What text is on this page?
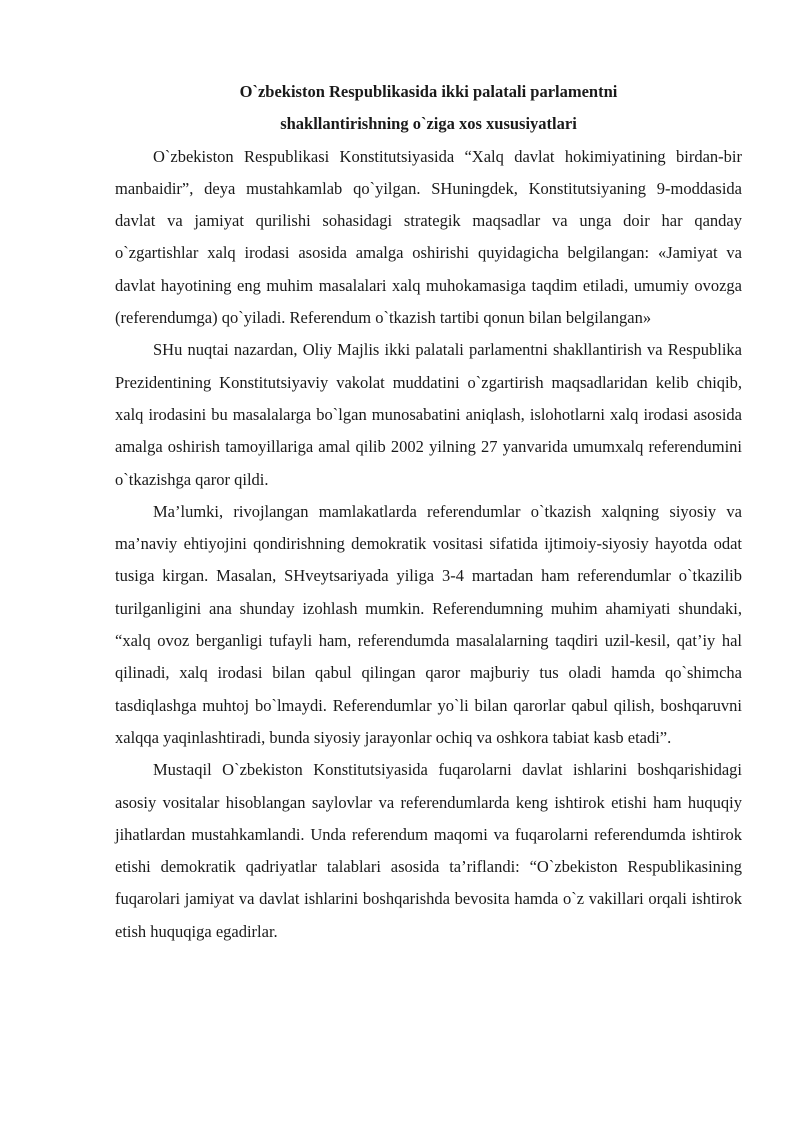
O`zbekiston Respublikasida ikki palatali parlamentni

shakllantirishning o`ziga xos xususiyatlari

O`zbekiston Respublikasi Konstitutsiyasida “Xalq davlat hokimiyatining birdan-bir manbaidir”, deya mustahkamlab qo`yilgan. SHuningdek, Konstitutsiyaning 9-moddasida davlat va jamiyat qurilishi sohasidagi strategik maqsadlar va unga doir har qanday o`zgartishlar xalq irodasi asosida amalga oshirishi quyidagicha belgilangan: «Jamiyat va davlat hayotining eng muhim masalalari xalq muhokamasiga taqdim etiladi, umumiy ovozga (referendumga) qo`yiladi. Referendum o`tkazish tartibi qonun bilan belgilangan»

SHu nuqtai nazardan, Oliy Majlis ikki palatali parlamentni shakllantirish va Respublika Prezidentining Konstitutsiyaviy vakolat muddatini o`zgartirish maqsadlaridan kelib chiqib, xalq irodasini bu masalalarga bo`lgan munosabatini aniqlash, islohotlarni xalq irodasi asosida amalga oshirish tamoyillariga amal qilib 2002 yilning 27 yanvarida umumxalq referendumini o`tkazishga qaror qildi.

Ma’lumki, rivojlangan mamlakatlarda referendumlar o`tkazish xalqning siyosiy va ma’naviy ehtiyojini qondirishning demokratik vositasi sifatida ijtimoiy-siyosiy hayotda odat tusiga kirgan. Masalan, SHveytsariyada yiliga 3-4 martadan ham referendumlar o`tkazilib turilganligini ana shunday izohlash mumkin. Referendumning muhim ahamiyati shundaki, “xalq ovoz berganligi tufayli ham, referendumda masalalarning taqdiri uzil-kesil, qat’iy hal qilinadi, xalq irodasi bilan qabul qilingan qaror majburiy tus oladi hamda qo`shimcha tasdiqlashga muhtoj bo`lmaydi. Referendumlar yo`li bilan qarorlar qabul qilish, boshqaruvni xalqqa yaqinlashtiradi, bunda siyosiy jarayonlar ochiq va oshkora tabiat kasb etadi”.

Mustaqil O`zbekiston Konstitutsiyasida fuqarolarni davlat ishlarini boshqarishidagi asosiy vositalar hisoblangan saylovlar va referendumlarda keng ishtirok etishi ham huquqiy jihatlardan mustahkamlandi. Unda referendum maqomi va fuqarolarni referendumda ishtirok etishi demokratik qadriyatlar talablari asosida ta’riflandi: “O`zbekiston Respublikasining fuqarolari jamiyat va davlat ishlarini boshqarishda bevosita hamda o`z vakillari orqali ishtirok etish huquqiga egadirlar.
